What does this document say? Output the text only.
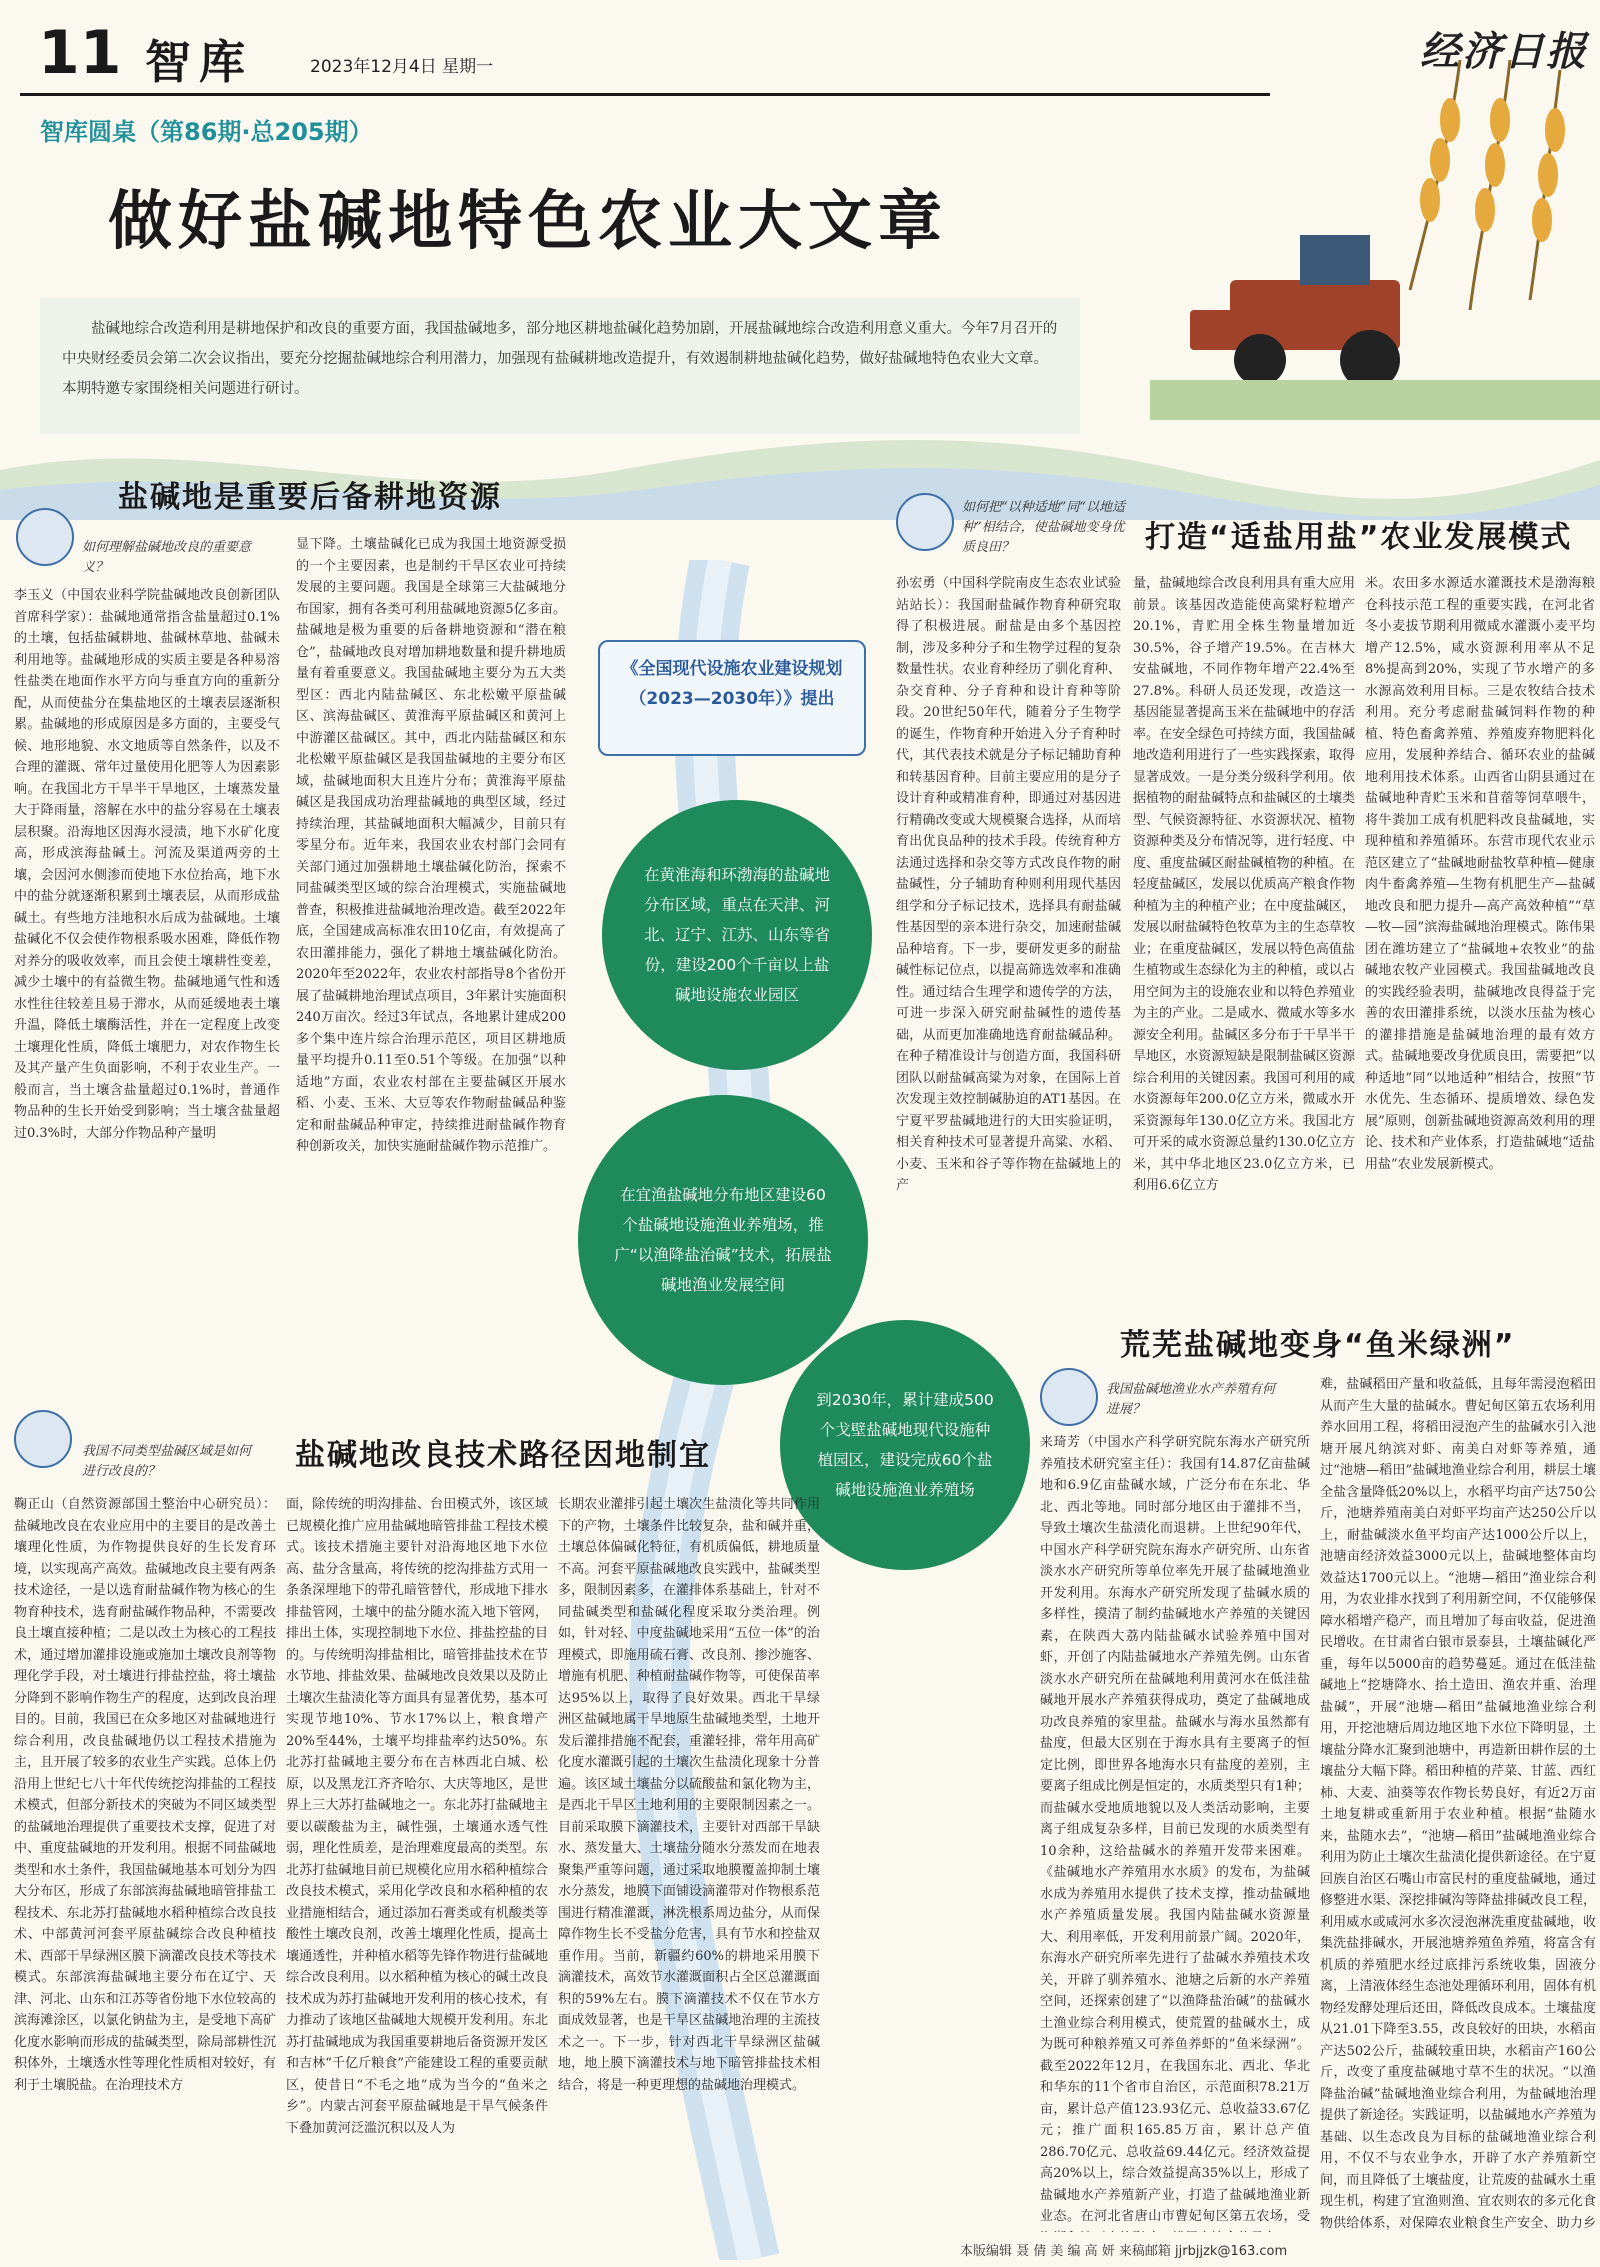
11 智库	2023年12月4日 星期一	经济日报
智库圆桌（第86期·总205期）
做好盐碱地特色农业大文章
盐碱地综合改造利用是耕地保护和改良的重要方面，我国盐碱地多，部分地区耕地盐碱化趋势加剧，开展盐碱地综合改造利用意义重大。今年7月召开的中央财经委员会第二次会议指出，要充分挖掘盐碱地综合利用潜力，加强现有盐碱耕地改造提升，有效遏制耕地盐碱化趋势，做好盐碱地特色农业大文章。本期特邀专家围绕相关问题进行研讨。
盐碱地是重要后备耕地资源
如何理解盐碱地改良的重要意义？
李玉义（中国农业科学院盐碱地改良创新团队首席科学家）：盐碱地通常指含盐量超过0.1%的土壤，包括盐碱耕地、盐碱林草地、盐碱未利用地等。盐碱地形成的实质主要是各种易溶性盐类在地面作水平方向与垂直方向的重新分配，从而使盐分在集盐地区的土壤表层逐渐积累。盐碱地的形成原因是多方面的，主要受气候、地形地貌、水文地质等自然条件，以及不合理的灌溉、常年过量使用化肥等人为因素影响。在我国北方干旱半干旱地区，土壤蒸发量大于降雨量，溶解在水中的盐分容易在土壤表层积聚。沿海地区因海水浸渍，地下水矿化度高，形成滨海盐碱土。河流及渠道两旁的土壤，会因河水侧渗而使地下水位抬高，地下水中的盐分就逐渐积累到土壤表层，从而形成盐碱土。有些地方洼地积水后成为盐碱地。土壤盐碱化不仅会使作物根系吸水困难，降低作物对养分的吸收效率，而且会使土壤耕性变差，减少土壤中的有益微生物。盐碱地通气性和透水性往往较差且易于滞水，从而延缓地表土壤升温，降低土壤酶活性，并在一定程度上改变土壤理化性质，降低土壤肥力，对农作物生长及其产量产生负面影响，不利于农业生产。一般而言，当土壤含盐量超过0.1%时，普通作物品种的生长开始受到影响；当土壤含盐量超过0.3%时，大部分作物品种产量明
显下降。土壤盐碱化已成为我国土地资源受损的一个主要因素，也是制约干旱区农业可持续发展的主要问题。我国是全球第三大盐碱地分布国家，拥有各类可利用盐碱地资源5亿多亩。盐碱地是极为重要的后备耕地资源和“潜在粮仓”，盐碱地改良对增加耕地数量和提升耕地质量有着重要意义。我国盐碱地主要分为五大类型区：西北内陆盐碱区、东北松嫩平原盐碱区、滨海盐碱区、黄淮海平原盐碱区和黄河上中游灌区盐碱区。其中，西北内陆盐碱区和东北松嫩平原盐碱区是我国盐碱地的主要分布区域，盐碱地面积大且连片分布；黄淮海平原盐碱区是我国成功治理盐碱地的典型区域，经过持续治理，其盐碱地面积大幅减少，目前只有零星分布。近年来，我国农业农村部门会同有关部门通过加强耕地土壤盐碱化防治，探索不同盐碱类型区域的综合治理模式，实施盐碱地普查，积极推进盐碱地治理改造。截至2022年底，全国建成高标准农田10亿亩，有效提高了农田灌排能力，强化了耕地土壤盐碱化防治。2020年至2022年，农业农村部指导8个省份开展了盐碱耕地治理试点项目，3年累计实施面积240万亩次。经过3年试点，各地累计建成200多个集中连片综合治理示范区，项目区耕地质量平均提升0.11至0.51个等级。在加强“以种适地”方面，农业农村部在主要盐碱区开展水稻、小麦、玉米、大豆等农作物耐盐碱品种鉴定和耐盐碱品种审定，持续推进耐盐碱作物育种创新攻关，加快实施耐盐碱作物示范推广。
《全国现代设施农业建设规划（2023—2030年）》提出
在黄淮海和环渤海的盐碱地分布区域，重点在天津、河北、辽宁、江苏、山东等省份，建设200个千亩以上盐碱地设施农业园区
在宜渔盐碱地分布地区建设60个盐碱地设施渔业养殖场，推广“以渔降盐治碱”技术，拓展盐碱地渔业发展空间
到2030年，累计建成500个戈壁盐碱地现代设施种植园区，建设完成60个盐碱地设施渔业养殖场
如何把“以种适地”同“以地适种”相结合，使盐碱地变身优质良田？	打造“适盐用盐”农业发展模式
孙宏勇（中国科学院南皮生态农业试验站站长）：我国耐盐碱作物育种研究取得了积极进展。耐盐是由多个基因控制，涉及多种分子和生物学过程的复杂数量性状。农业育种经历了驯化育种、杂交育种、分子育种和设计育种等阶段。20世纪50年代，随着分子生物学的诞生，作物育种开始进入分子育种时代，其代表技术就是分子标记辅助育种和转基因育种。目前主要应用的是分子设计育种或精准育种，即通过对基因进行精确改变或大规模聚合选择，从而培育出优良品种的技术手段。传统育种方法通过选择和杂交等方式改良作物的耐盐碱性，分子辅助育种则利用现代基因组学和分子标记技术，选择具有耐盐碱性基因型的亲本进行杂交，加速耐盐碱品种培育。下一步，要研发更多的耐盐碱性标记位点，以提高筛选效率和准确性。通过结合生理学和遗传学的方法，可进一步深入研究耐盐碱性的遗传基础，从而更加准确地选育耐盐碱品种。在种子精准设计与创造方面，我国科研团队以耐盐碱高粱为对象，在国际上首次发现主效控制碱胁迫的AT1基因。在宁夏平罗盐碱地进行的大田实验证明，相关育种技术可显著提升高粱、水稻、小麦、玉米和谷子等作物在盐碱地上的产
量，盐碱地综合改良利用具有重大应用前景。该基因改造能使高粱籽粒增产20.1%，青贮用全株生物量增加近30.5%，谷子增产19.5%。在吉林大安盐碱地，不同作物年增产22.4%至27.8%。科研人员还发现，改造这一基因能显著提高玉米在盐碱地中的存活率。在安全绿色可持续方面，我国盐碱地改造利用进行了一些实践探索，取得显著成效。一是分类分级科学利用。依据植物的耐盐碱特点和盐碱区的土壤类型、气候资源特征、水资源状况、植物资源种类及分布情况等，进行轻度、中度、重度盐碱区耐盐碱植物的种植。在轻度盐碱区，发展以优质高产粮食作物种植为主的种植产业；在中度盐碱区，发展以耐盐碱特色牧草为主的生态草牧业；在重度盐碱区，发展以特色高值盐生植物或生态绿化为主的种植，或以占用空间为主的设施农业和以特色养殖业为主的产业。二是咸水、微咸水等多水源安全利用。盐碱区多分布于干旱半干旱地区，水资源短缺是限制盐碱区资源综合利用的关键因素。我国可利用的咸水资源每年200.0亿立方米，微咸水开采资源每年130.0亿立方米。我国北方可开采的咸水资源总量约130.0亿立方米，其中华北地区23.0亿立方米，已利用6.6亿立方
米。农田多水源适水灌溉技术是渤海粮仓科技示范工程的重要实践，在河北省冬小麦拔节期利用微咸水灌溉小麦平均增产12.5%，咸水资源利用率从不足8%提高到20%，实现了节水增产的多水源高效利用目标。三是农牧结合技术利用。充分考虑耐盐碱饲料作物的种植、特色畜禽养殖、养殖废弃物肥料化应用，发展种养结合、循环农业的盐碱地利用技术体系。山西省山阴县通过在盐碱地种青贮玉米和苜蓿等饲草喂牛，将牛粪加工成有机肥料改良盐碱地，实现种植和养殖循环。东营市现代农业示范区建立了“盐碱地耐盐牧草种植—健康肉牛畜禽养殖—生物有机肥生产—盐碱地改良和肥力提升—高产高效种植”“草—牧—园”滨海盐碱地治理模式。陈伟果团在潍坊建立了“盐碱地+农牧业”的盐碱地农牧产业园模式。我国盐碱地改良的实践经验表明，盐碱地改良得益于完善的农田灌排系统，以淡水压盐为核心的灌排措施是盐碱地治理的最有效方式。盐碱地要改身优质良田，需要把“以种适地”同“以地适种”相结合，按照“节水优先、生态循环、提质增效、绿色发展”原则，创新盐碱地资源高效利用的理论、技术和产业体系，打造盐碱地“适盐用盐”农业发展新模式。
我国不同类型盐碱区域是如何进行改良的？	盐碱地改良技术路径因地制宜
鞠正山（自然资源部国土整治中心研究员）：盐碱地改良在农业应用中的主要目的是改善土壤理化性质，为作物提供良好的生长发育环境，以实现高产高效。盐碱地改良主要有两条技术途径，一是以选育耐盐碱作物为核心的生物育种技术，选育耐盐碱作物品种，不需要改良土壤直接种植；二是以改土为核心的工程技术，通过增加灌排设施或施加土壤改良剂等物理化学手段，对土壤进行排盐控盐，将土壤盐分降到不影响作物生产的程度，达到改良治理目的。目前，我国已在众多地区对盐碱地进行综合利用，改良盐碱地仍以工程技术措施为主，且开展了较多的农业生产实践。总体上仍沿用上世纪七八十年代传统挖沟排盐的工程技术模式，但部分新技术的突破为不同区域类型的盐碱地治理提供了重要技术支撑，促进了对中、重度盐碱地的开发利用。根据不同盐碱地类型和水土条件，我国盐碱地基本可划分为四大分布区，形成了东部滨海盐碱地暗管排盐工程技术、东北苏打盐碱地水稻种植综合改良技术、中部黄河河套平原盐碱综合改良种植技术、西部干旱绿洲区膜下滴灌改良技术等技术模式。东部滨海盐碱地主要分布在辽宁、天津、河北、山东和江苏等省份地下水位较高的滨海滩涂区，以氯化钠盐为主，是受地下高矿化度水影响而形成的盐碱类型，除局部耕性沉积体外，土壤透水性等理化性质相对较好，有利于土壤脱盐。在治理技术方
面，除传统的明沟排盐、台田模式外，该区域已规模化推广应用盐碱地暗管排盐工程技术模式。该技术措施主要针对沿海地区地下水位高、盐分含量高，将传统的挖沟排盐方式用一条条深埋地下的带孔暗管替代，形成地下排水排盐管网，土壤中的盐分随水流入地下管网，排出土体，实现控制地下水位、排盐控盐的目的。与传统明沟排盐相比，暗管排盐技术在节水节地、排盐效果、盐碱地改良效果以及防止土壤次生盐渍化等方面具有显著优势，基本可实现节地10%、节水17%以上，粮食增产20%至44%，土壤平均排盐率约达50%。东北苏打盐碱地主要分布在吉林西北白城、松原，以及黑龙江齐齐哈尔、大庆等地区，是世界上三大苏打盐碱地之一。东北苏打盐碱地主要以碳酸盐为主，碱性强，土壤通水透气性弱，理化性质差，是治理难度最高的类型。东北苏打盐碱地目前已规模化应用水稻种植综合改良技术模式，采用化学改良和水稻种植的农业措施相结合，通过添加石膏类或有机酸类等酸性土壤改良剂，改善土壤理化性质，提高土壤通透性，并种植水稻等先锋作物进行盐碱地综合改良利用。以水稻种植为核心的碱土改良技术成为苏打盐碱地开发利用的核心技术，有力推动了该地区盐碱地大规模开发利用。东北苏打盐碱地成为我国重要耕地后备资源开发区和吉林“千亿斤粮食”产能建设工程的重要贡献区，使昔日“不毛之地”成为当今的“鱼米之乡”。内蒙古河套平原盐碱地是干旱气候条件下叠加黄河泛滥沉积以及人为
长期农业灌排引起土壤次生盐渍化等共同作用下的产物，土壤条件比较复杂，盐和碱并重，土壤总体偏碱化特征，有机质偏低，耕地质量不高。河套平原盐碱地改良实践中，盐碱类型多，限制因素多，在灌排体系基础上，针对不同盐碱类型和盐碱化程度采取分类治理。例如，针对轻、中度盐碱地采用“五位一体”的治理模式，即施用硫石膏、改良剂、掺沙施客、增施有机肥、种植耐盐碱作物等，可使保苗率达95%以上，取得了良好效果。西北干旱绿洲区盐碱地属干旱地原生盐碱地类型，土地开发后灌排措施不配套，重灌轻排，常年用高矿化度水灌溉引起的土壤次生盐渍化现象十分普遍。该区域土壤盐分以硫酸盐和氯化物为主，是西北干旱区土地利用的主要限制因素之一。目前采取膜下滴灌技术，主要针对西部干旱缺水、蒸发量大、土壤盐分随水分蒸发而在地表聚集严重等问题，通过采取地膜覆盖抑制土壤水分蒸发，地膜下面铺设滴灌带对作物根系范围进行精准灌溉，淋洗根系周边盐分，从而保障作物生长不受盐分危害，具有节水和控盐双重作用。当前，新疆约60%的耕地采用膜下滴灌技术，高效节水灌溉面积占全区总灌溉面积的59%左右。膜下滴灌技术不仅在节水方面成效显著，也是干旱区盐碱地治理的主流技术之一。下一步，针对西北干旱绿洲区盐碱地，地上膜下滴灌技术与地下暗管排盐技术相结合，将是一种更理想的盐碱地治理模式。
荒芜盐碱地变身“鱼米绿洲”
我国盐碱地渔业水产养殖有何进展？
来琦芳（中国水产科学研究院东海水产研究所养殖技术研究室主任）：我国有14.87亿亩盐碱地和6.9亿亩盐碱水域，广泛分布在东北、华北、西北等地。同时部分地区由于灌排不当，导致土壤次生盐渍化而退耕。上世纪90年代，中国水产科学研究院东海水产研究所、山东省淡水水产研究所等单位率先开展了盐碱地渔业开发利用。东海水产研究所发现了盐碱水质的多样性，摸清了制约盐碱地水产养殖的关键因素，在陕西大荔内陆盐碱水试验养殖中国对虾，开创了内陆盐碱地水产养殖先例。山东省淡水水产研究所在盐碱地利用黄河水在低洼盐碱地开展水产养殖获得成功，奠定了盐碱地成功改良养殖的家里盐。盐碱水与海水虽然都有盐度，但最大区别在于海水具有主要离子的恒定比例，即世界各地海水只有盐度的差别，主要离子组成比例是恒定的，水质类型只有1种；而盐碱水受地质地貌以及人类活动影响，主要离子组成复杂多样，目前已发现的水质类型有10余种，这给盐碱水的养殖开发带来困难。《盐碱地水产养殖用水水质》的发布，为盐碱水成为养殖用水提供了技术支撑，推动盐碱地水产养殖质量发展。我国内陆盐碱水资源量大、利用率低，开发利用前景广阔。2020年，东海水产研究所率先进行了盐碱水养殖技术攻关，开辟了驯养殖水、池塘之后新的水产养殖空间，还探索创建了“以渔降盐治碱”的盐碱水土渔业综合利用模式，使荒置的盐碱水土，成为既可种粮养殖又可养鱼养虾的“鱼米绿洲”。截至2022年12月，在我国东北、西北、华北和华东的11个省市自治区，示范面积78.21万亩，累计总产值123.93亿元、总收益33.67亿元；推广面积165.85万亩，累计总产值286.70亿元、总收益69.44亿元。经济效益提高20%以上，综合效益提高35%以上，形成了盐碱地水产养殖新产业，打造了盐碱地渔业新业态。在河北省唐山市曹妃甸区第五农场，受
难，盐碱稻田产量和收益低，且每年需浸泡稻田从而产生大量的盐碱水。曹妃甸区第五农场利用养水回用工程，将稻田浸泡产生的盐碱水引入池塘开展凡纳滨对虾、南美白对虾等养殖，通过“池塘—稻田”盐碱地渔业综合利用，耕层土壤全盐含量降低20%以上，水稻平均亩产达750公斤，池塘养殖南美白对虾平均亩产达250公斤以上，耐盐碱淡水鱼平均亩产达1000公斤以上，池塘亩经济效益3000元以上，盐碱地整体亩均效益达1700元以上。“池塘—稻田”渔业综合利用，为农业排水找到了利用新空间，不仅能够保障水稻增产稳产，而且增加了每亩收益，促进渔民增收。在甘肃省白银市景泰县，土壤盐碱化严重，每年以5000亩的趋势蔓延。通过在低洼盐碱地上“挖塘降水、抬土造田、渔农并重、治理盐碱”，开展“池塘—稻田”盐碱地渔业综合利用，开挖池塘后周边地区地下水位下降明显，土壤盐分降水汇聚到池塘中，再造新田耕作层的土壤盐分大幅下降。稻田种植的芹菜、甘蓝、西红柿、大麦、油葵等农作物长势良好，有近2万亩土地复耕或重新用于农业种植。根据“盐随水来，盐随水去”，“池塘—稻田”盐碱地渔业综合利用为防止土壤次生盐渍化提供新途径。在宁夏回族自治区石嘴山市富民村的重度盐碱地，通过修整进水渠、深挖排碱沟等降盐排碱改良工程，利用威水或咸河水多次浸泡淋洗重度盐碱地，收集洗盐排碱水，开展池塘养殖鱼养殖，将富含有机质的养殖肥水经过底排污系统收集，固液分离，上清液体经生态池处理循环利用，固体有机物经发酵处理后还田，降低改良成本。土壤盐度从21.01下降至3.55，改良较好的田块，水稻亩产达502公斤，盐碱较重田块，水稻亩产160公斤，改变了重度盐碱地寸草不生的状况。“以渔降盐治碱”盐碱地渔业综合利用，为盐碱地治理提供了新途径。实践证明，以盐碱地水产养殖为基础、以生态改良为目标的盐碱地渔业综合利用，不仅不与农业争水，开辟了水产养殖新空间，而且降低了土壤盐度，让荒废的盐碱水土重现生机，构建了宜渔则渔、宜农则农的多元化食物供给体系，对保障农业粮食生产安全、助力乡
本版编辑 聂 倩 美 编 高 妍 来稿邮箱 jjrbjjzk@163.com
